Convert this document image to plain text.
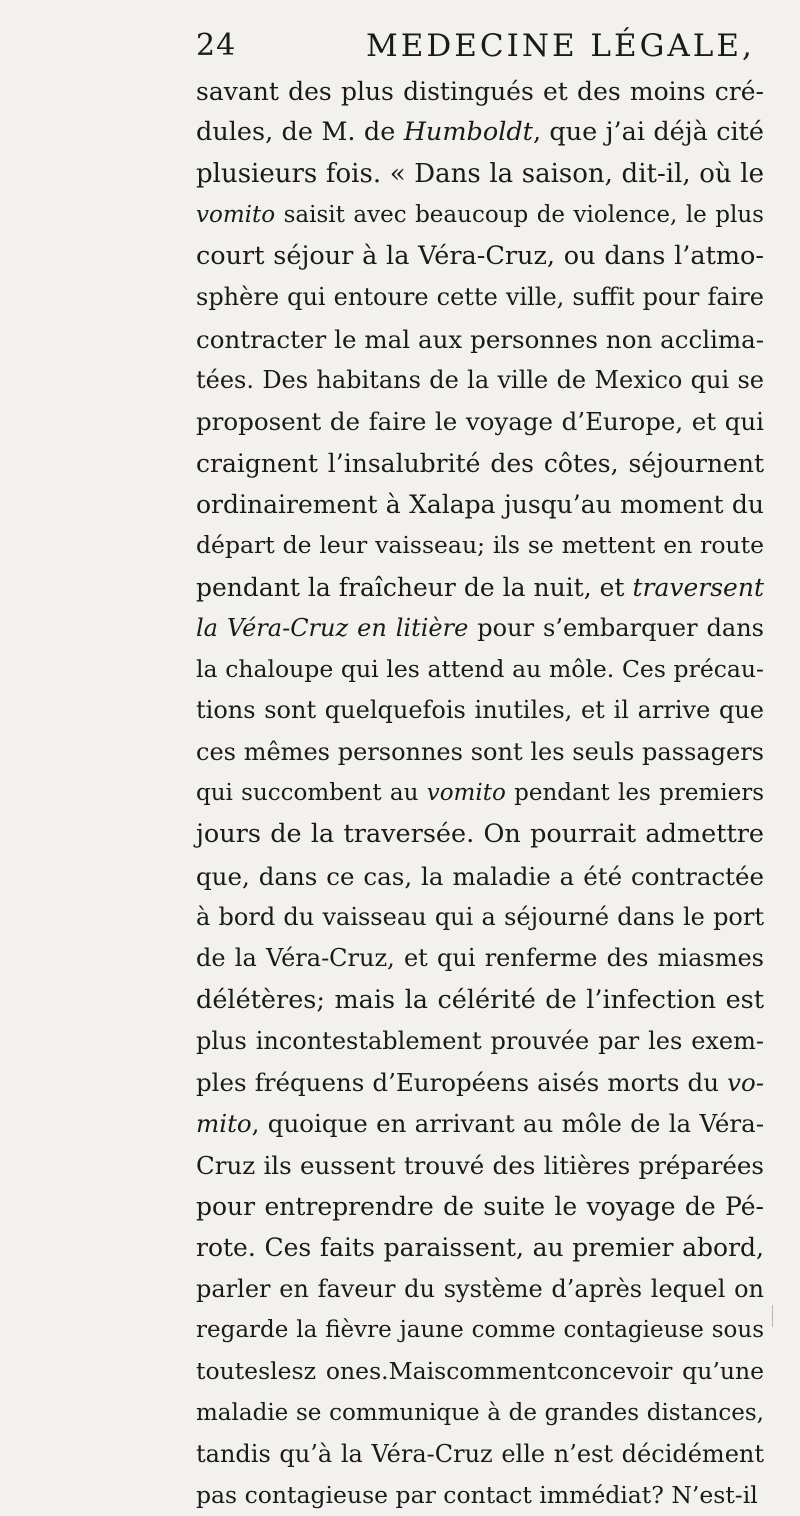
24	MEDECINE LÉGALE,
savant des plus distingués et des moins cré-
dules, de M. de Humboldt, que j’ai déjà cité
plusieurs fois. « Dans la saison, dit-il, où le
vomito saisit avec beaucoup de violence, le plus
court séjour à la Véra-Cruz, ou dans l’atmo-
sphère qui entoure cette ville, suffit pour faire
contracter le mal aux personnes non acclima-
tées. Des habitans de la ville de Mexico qui se
proposent de faire le voyage d’Europe, et qui
craignent l’insalubrité des côtes, séjournent
ordinairement à Xalapa jusqu’au moment du
départ de leur vaisseau; ils se mettent en route
pendant la fraîcheur de la nuit, et traversent
la Véra-Cruz en litière pour s’embarquer dans
la chaloupe qui les attend au môle. Ces précau-
tions sont quelquefois inutiles, et il arrive que
ces mêmes personnes sont les seuls passagers
qui succombent au vomito pendant les premiers
jours de la traversée. On pourrait admettre
que, dans ce cas, la maladie a été contractée
à bord du vaisseau qui a séjourné dans le port
de la Véra-Cruz, et qui renferme des miasmes
délétères; mais la célérité de l’infection est
plus incontestablement prouvée par les exem-
ples fréquens d’Européens aisés morts du vo-
mito, quoique en arrivant au môle de la Véra-
Cruz ils eussent trouvé des litières préparées
pour entreprendre de suite le voyage de Pé-
rote. Ces faits paraissent, au premier abord,
parler en faveur du système d’après lequel on
regarde la fièvre jaune comme contagieuse sous
touteslesz ones.Maiscommentconcevoir qu’une
maladie se communique à de grandes distances,
tandis qu’à la Véra-Cruz elle n’est décidément
pas contagieuse par contact immédiat? N’est-il
